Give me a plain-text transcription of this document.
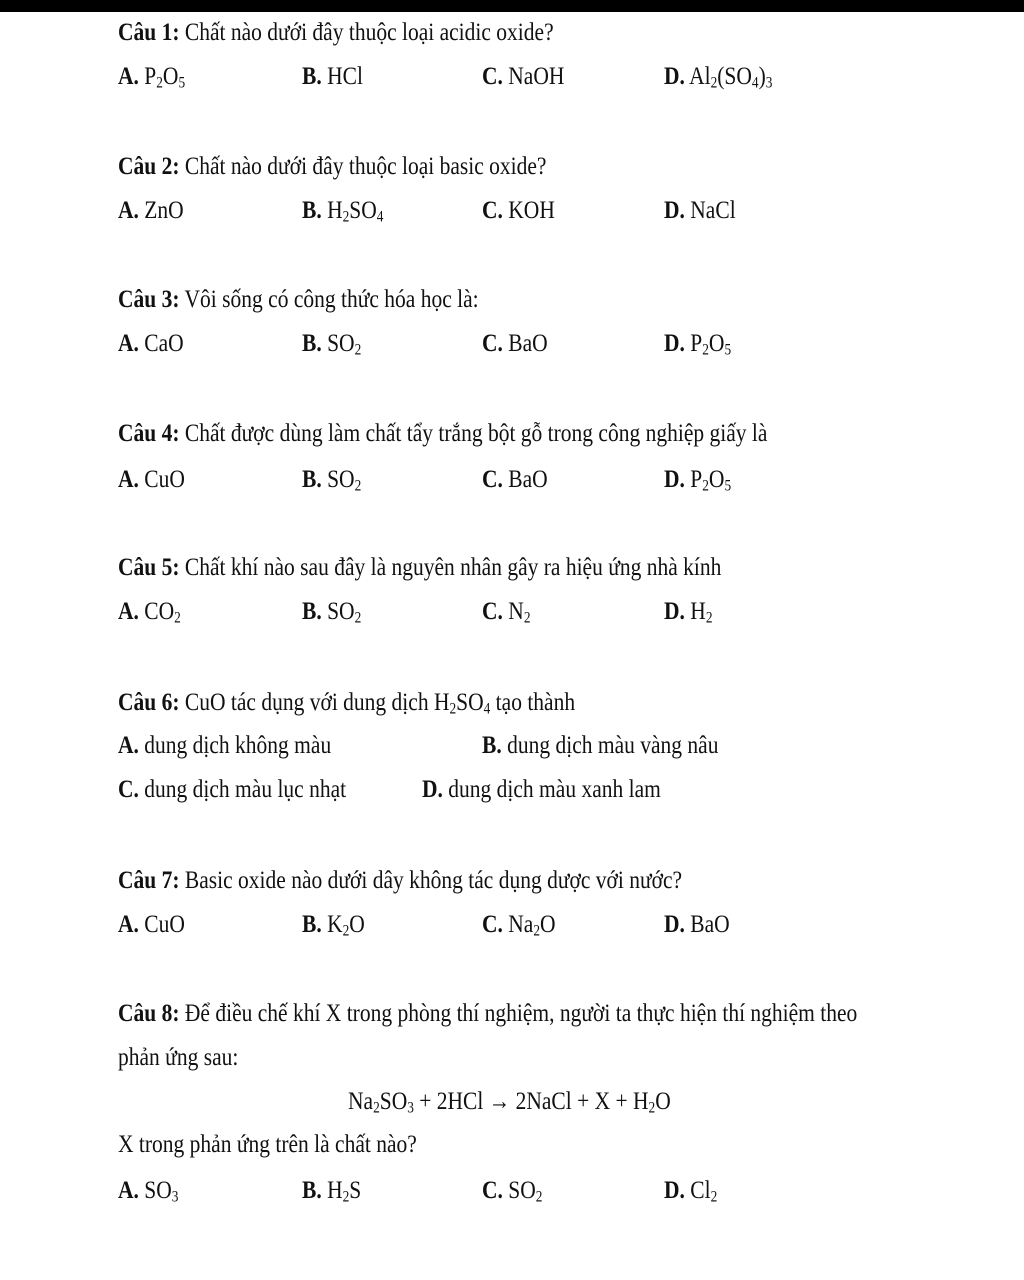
Câu 1: Chất nào dưới đây thuộc loại acidic oxide?
A. $P_2O_5$	B. HCl	C. NaOH	D. $Al_2(SO_4)_3$
Câu 2: Chất nào dưới đây thuộc loại basic oxide?
A. ZnO	B. $H_2SO_4$	C. KOH	D. NaCl
Câu 3: Vôi sống có công thức hóa học là:
A. CaO	B. $SO_2$	C. BaO	D. $P_2O_5$
Câu 4: Chất được dùng làm chất tẩy trắng bột gỗ trong công nghiệp giấy là
A. CuO	B. $SO_2$	C. BaO	D. $P_2O_5$
Câu 5: Chất khí nào sau đây là nguyên nhân gây ra hiệu ứng nhà kính
A. $CO_2$	B. $SO_2$	C. $N_2$	D. $H_2$
Câu 6: CuO tác dụng với dung dịch $H_2SO_4$ tạo thành
A. dung dịch không màu	B. dung dịch màu vàng nâu
C. dung dịch màu lục nhạt	D. dung dịch màu xanh lam
Câu 7: Basic oxide nào dưới dây không tác dụng dược với nước?
A. CuO	B. $K_2O$	C. $Na_2O$	D. BaO
Câu 8: Để điều chế khí X trong phòng thí nghiệm, người ta thực hiện thí nghiệm theo
phản ứng sau:
$Na_2SO_3 + 2HCl$ → 2NaCl + $X + H_2O$
X trong phản ứng trên là chất nào?
A. $SO_3$	B. $H_2S$	C. $SO_2$	D. $Cl_2$
